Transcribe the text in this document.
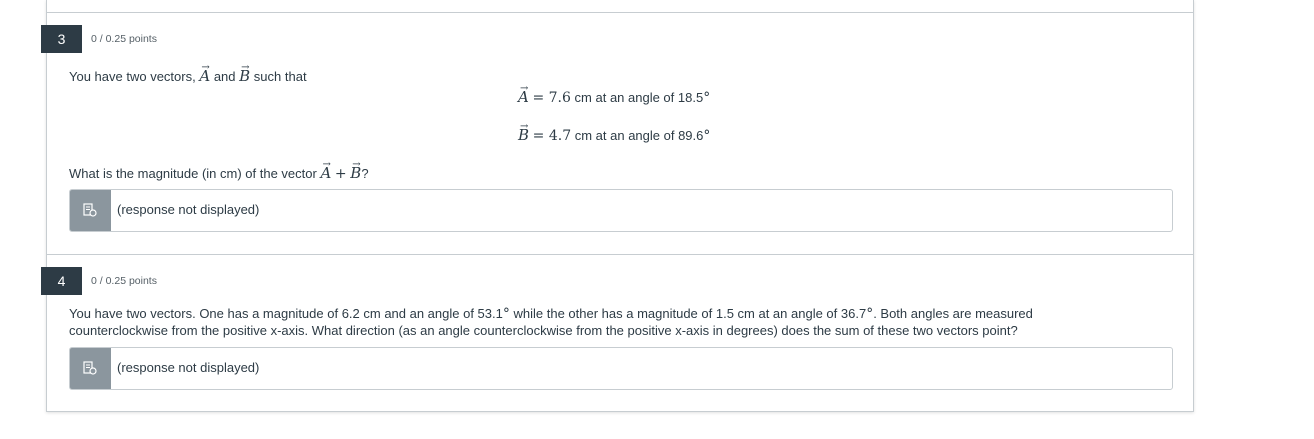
3	0 / 0.25 points
You have two vectors, → A and → B such that
→ A = 7.6 cm at an angle of 18.5°
→ B = 4.7 cm at an angle of 89.6°
What is the magnitude (in cm) of the vector → A + → B?
(response not displayed)
4	0 / 0.25 points
You have two vectors. One has a magnitude of 6.2 cm and an angle of 53.1° while the other has a magnitude of 1.5 cm at an angle of 36.7°. Both angles are measured
counterclockwise from the positive x-axis. What direction (as an angle counterclockwise from the positive x-axis in degrees) does the sum of these two vectors point?
(response not displayed)
